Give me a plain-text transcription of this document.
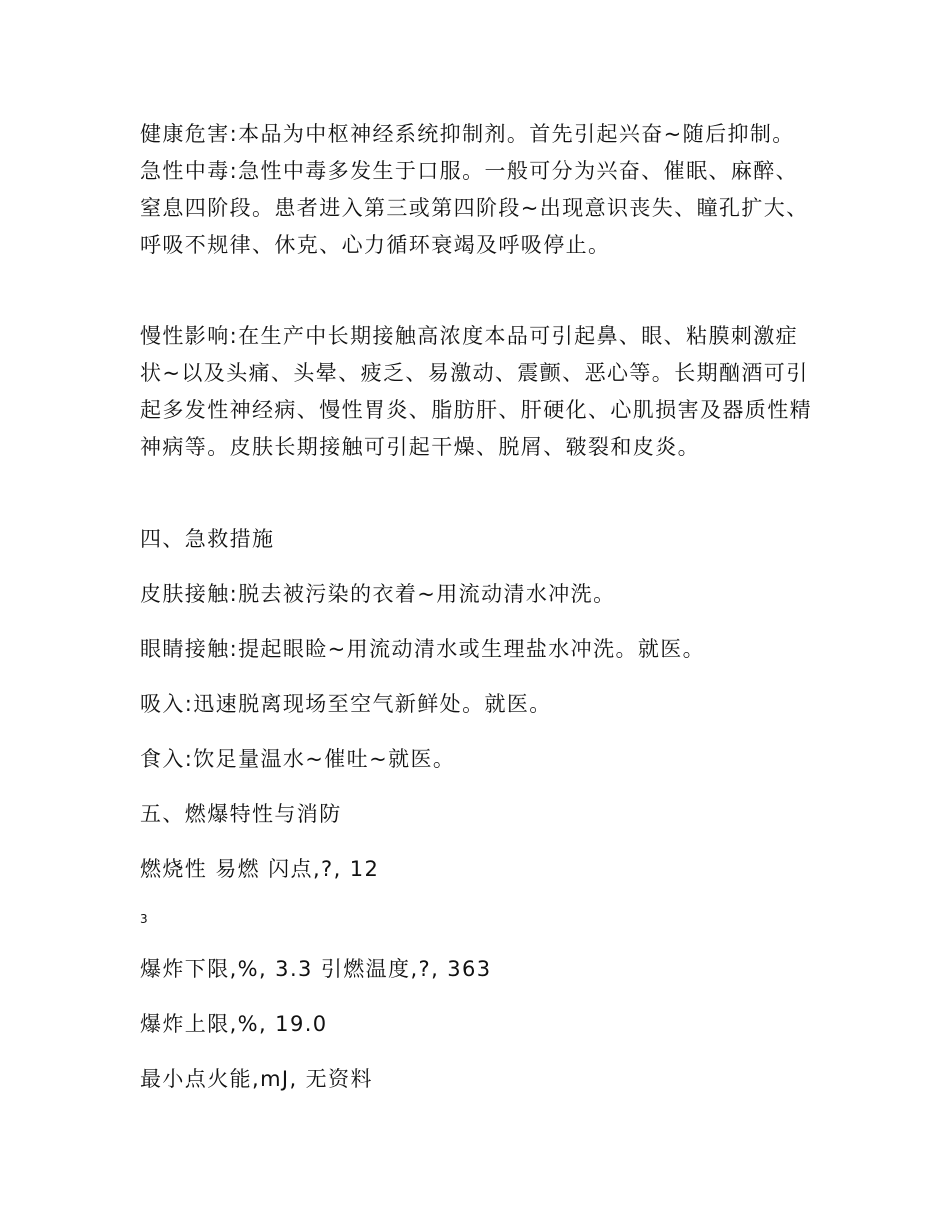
健康危害:本品为中枢神经系统抑制剂。首先引起兴奋~随后抑制。 急性中毒:急性中毒多发生于口服。一般可分为兴奋、催眠、麻醉、窒息四阶段。患者进入第三或第四阶段~出现意识丧失、瞳孔扩大、呼吸不规律、休克、心力循环衰竭及呼吸停止。

慢性影响:在生产中长期接触高浓度本品可引起鼻、眼、粘膜刺激症状~以及头痛、头晕、疲乏、易激动、震颤、恶心等。长期酗酒可引起多发性神经病、慢性胃炎、脂肪肝、肝硬化、心肌损害及器质性精神病等。皮肤长期接触可引起干燥、脱屑、皲裂和皮炎。

四、急救措施

皮肤接触:脱去被污染的衣着~用流动清水冲洗。

眼睛接触:提起眼睑~用流动清水或生理盐水冲洗。就医。

吸入:迅速脱离现场至空气新鲜处。就医。

食入:饮足量温水~催吐~就医。

五、燃爆特性与消防

燃烧性 易燃 闪点,?, 12

3

爆炸下限,%, 3.3 引燃温度,?, 363

爆炸上限,%, 19.0

最小点火能,mJ, 无资料
